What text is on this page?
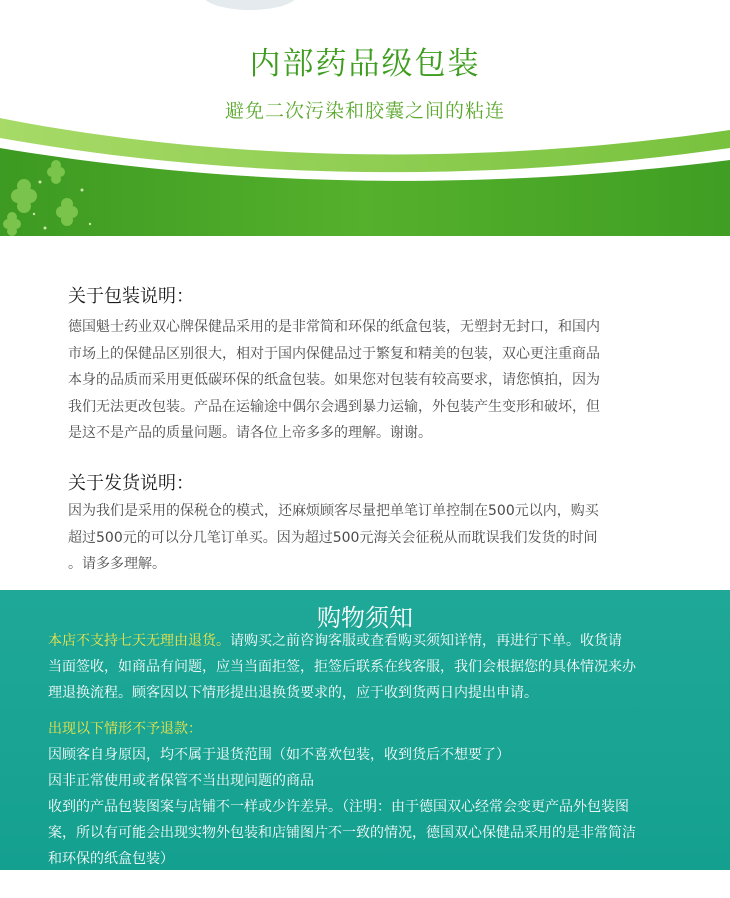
内部药品级包装
避免二次污染和胶囊之间的粘连
关于包装说明：
德国魁士药业双心牌保健品采用的是非常简和环保的纸盒包装，无塑封无封口，和国内
市场上的保健品区别很大，相对于国内保健品过于繁复和精美的包装，双心更注重商品
本身的品质而采用更低碳环保的纸盒包装。如果您对包装有较高要求，请您慎拍，因为
我们无法更改包装。产品在运输途中偶尔会遇到暴力运输，外包装产生变形和破坏，但
是这不是产品的质量问题。请各位上帝多多的理解。谢谢。
关于发货说明：
因为我们是采用的保税仓的模式，还麻烦顾客尽量把单笔订单控制在500元以内，购买
超过500元的可以分几笔订单买。因为超过500元海关会征税从而耽误我们发货的时间
。请多多理解。
购物须知
本店不支持七天无理由退货。请购买之前咨询客服或查看购买须知详情，再进行下单。收货请
当面签收，如商品有问题，应当当面拒签，拒签后联系在线客服，我们会根据您的具体情况来办
理退换流程。顾客因以下情形提出退换货要求的，应于收到货两日内提出申请。
出现以下情形不予退款：
因顾客自身原因，均不属于退货范围（如不喜欢包装，收到货后不想要了）
因非正常使用或者保管不当出现问题的商品
收到的产品包装图案与店铺不一样或少许差异。（注明：由于德国双心经常会变更产品外包装图
案，所以有可能会出现实物外包装和店铺图片不一致的情况，德国双心保健品采用的是非常简洁
和环保的纸盒包装）
退货时商品不全，已使用过，寄回后数量不符
